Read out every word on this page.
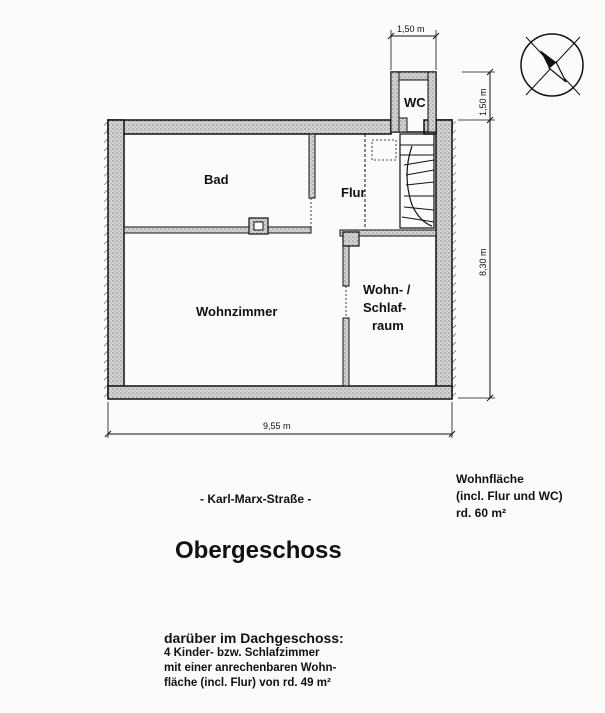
Bad
Flur
WC
Wohnzimmer
Wohn- /
Schlaf-
raum
1,50 m
1,50 m
8,30 m
9,55 m
- Karl-Marx-Straße -
Wohnfläche
(incl. Flur und WC)
rd. 60 m²
Obergeschoss
darüber im Dachgeschoss:
4 Kinder- bzw. Schlafzimmer
mit einer anrechenbaren Wohn-
fläche (incl. Flur) von rd. 49 m²
